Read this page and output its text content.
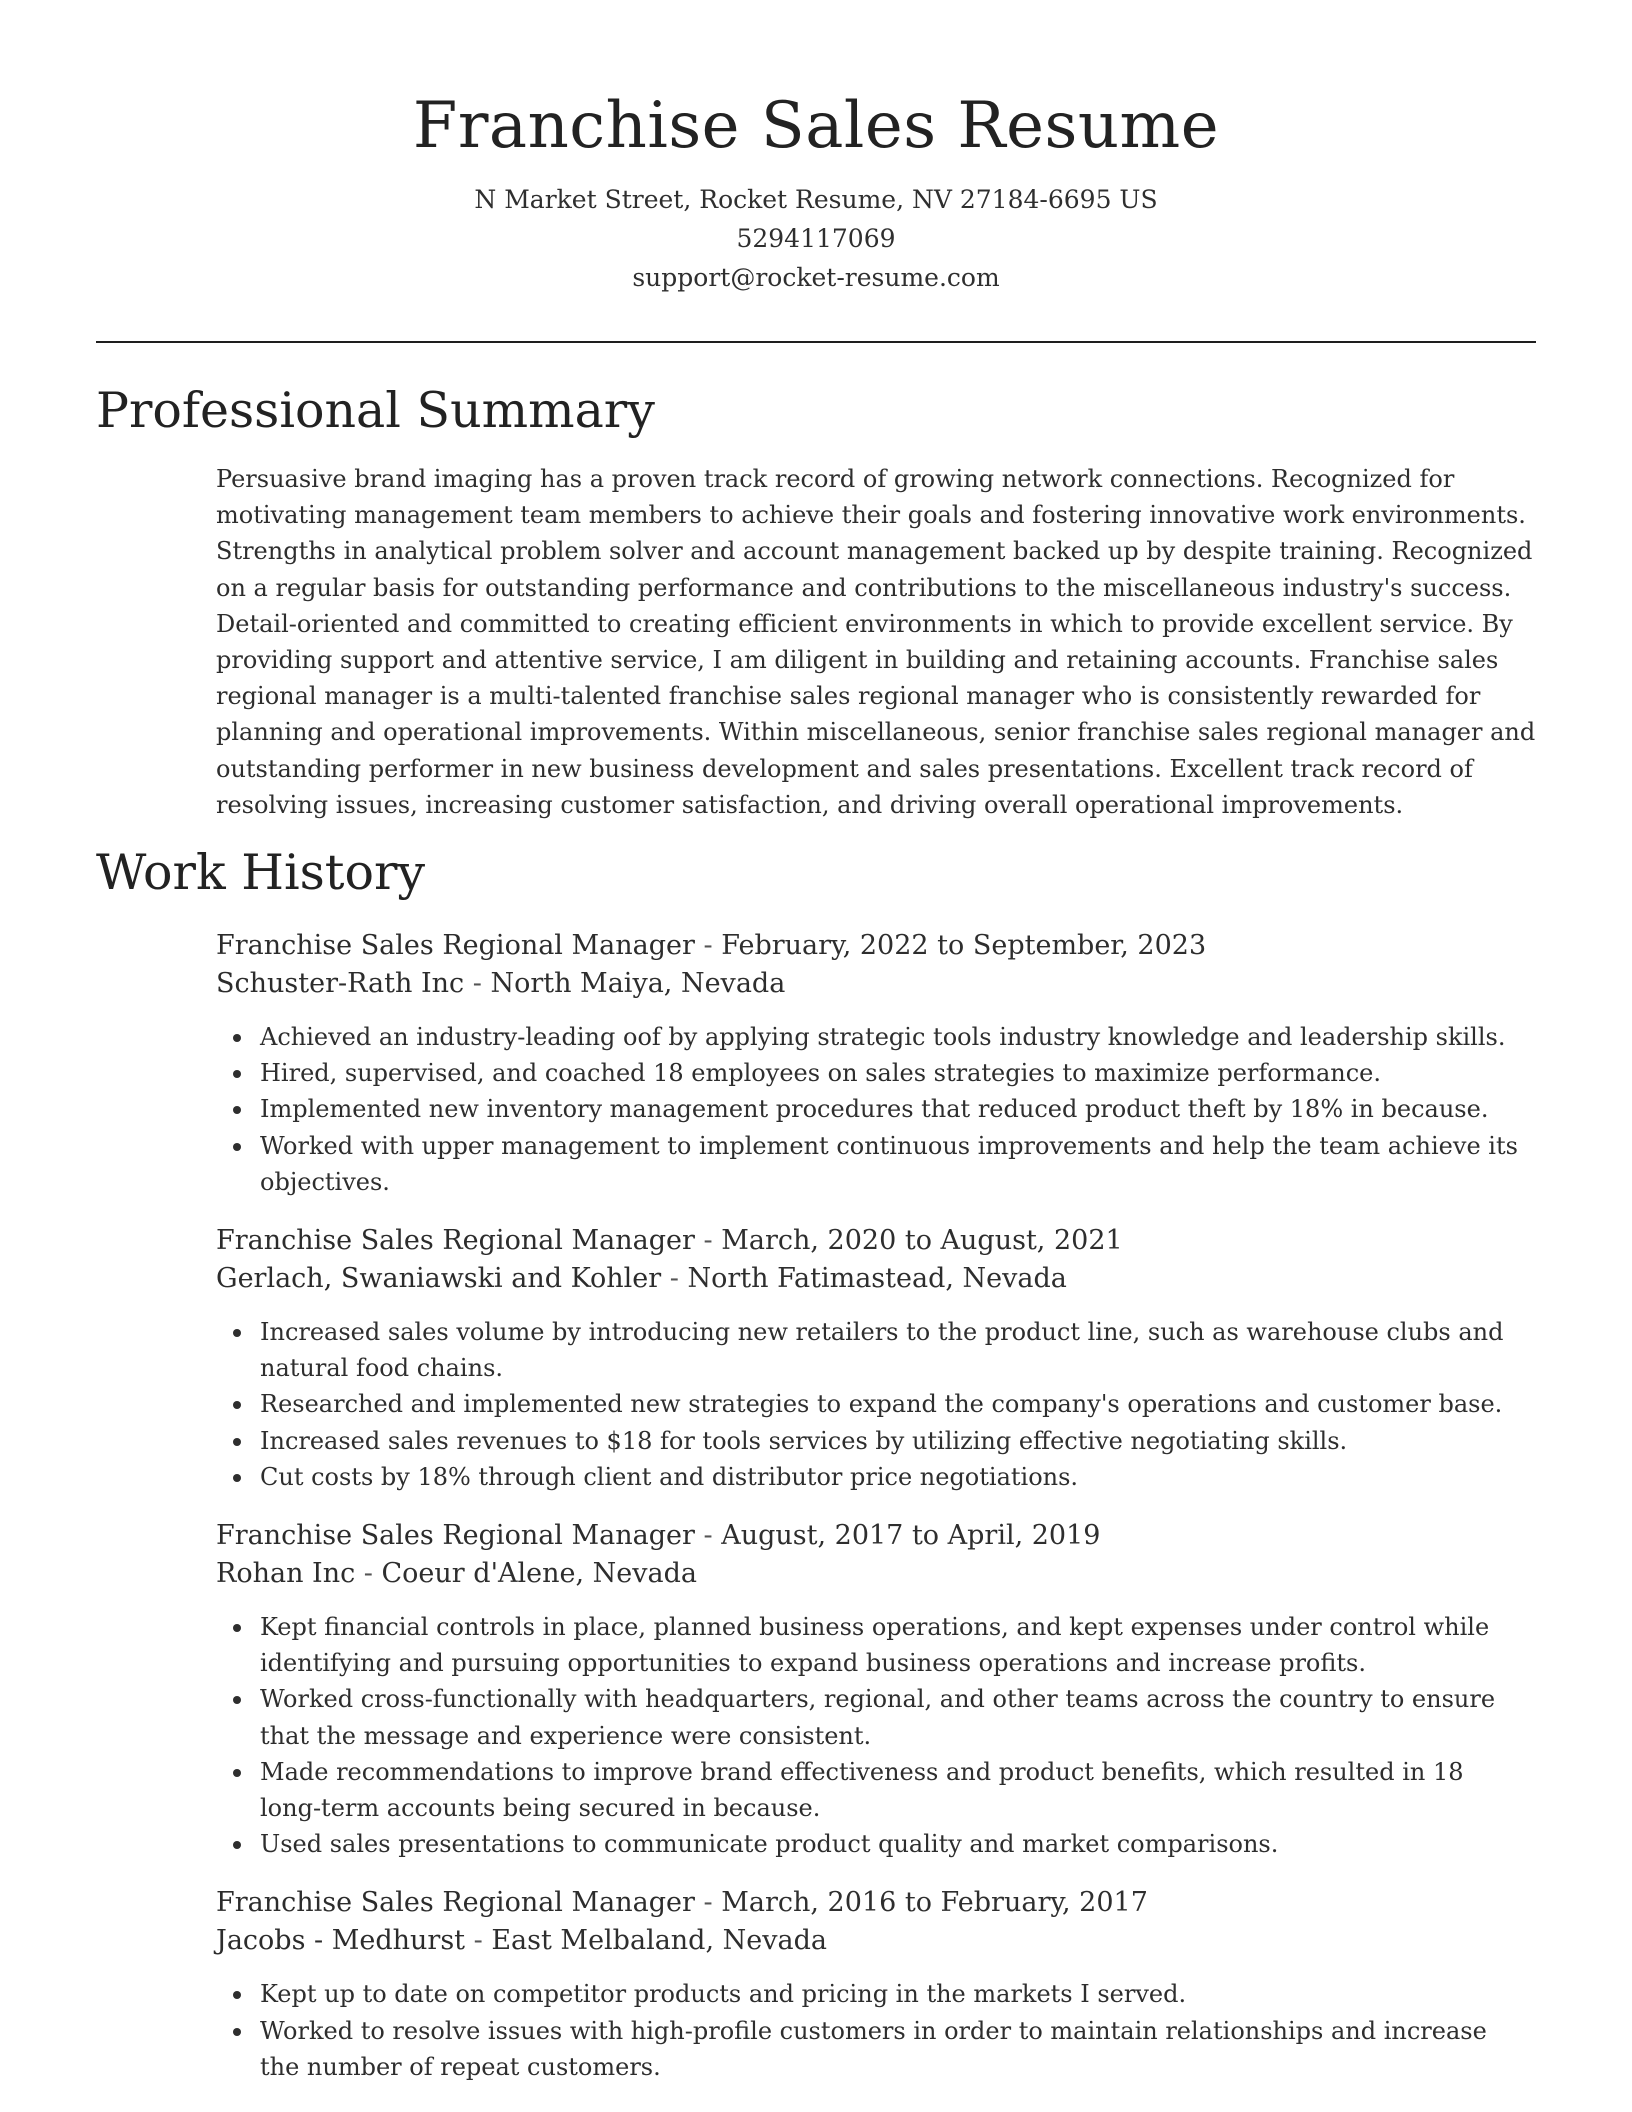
Franchise Sales Resume
N Market Street, Rocket Resume, NV 27184-6695 US
5294117069
support@rocket-resume.com
Professional Summary

Persuasive brand imaging has a proven track record of growing network connections. Recognized for motivating management team members to achieve their goals and fostering innovative work environments. Strengths in analytical problem solver and account management backed up by despite training. Recognized on a regular basis for outstanding performance and contributions to the miscellaneous industry's success. Detail-oriented and committed to creating efficient environments in which to provide excellent service. By providing support and attentive service, I am diligent in building and retaining accounts. Franchise sales regional manager is a multi-talented franchise sales regional manager who is consistently rewarded for planning and operational improvements. Within miscellaneous, senior franchise sales regional manager and outstanding performer in new business development and sales presentations. Excellent track record of resolving issues, increasing customer satisfaction, and driving overall operational improvements.

Work History
Franchise Sales Regional Manager - February, 2022 to September, 2023
Schuster-Rath Inc - North Maiya, Nevada
Achieved an industry-leading oof by applying strategic tools industry knowledge and leadership skills.
Hired, supervised, and coached 18 employees on sales strategies to maximize performance.
Implemented new inventory management procedures that reduced product theft by 18% in because.
Worked with upper management to implement continuous improvements and help the team achieve its objectives.
Franchise Sales Regional Manager - March, 2020 to August, 2021
Gerlach, Swaniawski and Kohler - North Fatimastead, Nevada
Increased sales volume by introducing new retailers to the product line, such as warehouse clubs and natural food chains.
Researched and implemented new strategies to expand the company's operations and customer base.
Increased sales revenues to $18 for tools services by utilizing effective negotiating skills.
Cut costs by 18% through client and distributor price negotiations.
Franchise Sales Regional Manager - August, 2017 to April, 2019
Rohan Inc - Coeur d'Alene, Nevada
Kept financial controls in place, planned business operations, and kept expenses under control while identifying and pursuing opportunities to expand business operations and increase profits.
Worked cross-functionally with headquarters, regional, and other teams across the country to ensure that the message and experience were consistent.
Made recommendations to improve brand effectiveness and product benefits, which resulted in 18 long-term accounts being secured in because.
Used sales presentations to communicate product quality and market comparisons.
Franchise Sales Regional Manager - March, 2016 to February, 2017
Jacobs - Medhurst - East Melbaland, Nevada
Kept up to date on competitor products and pricing in the markets I served.
Worked to resolve issues with high-profile customers in order to maintain relationships and increase the number of repeat customers.
